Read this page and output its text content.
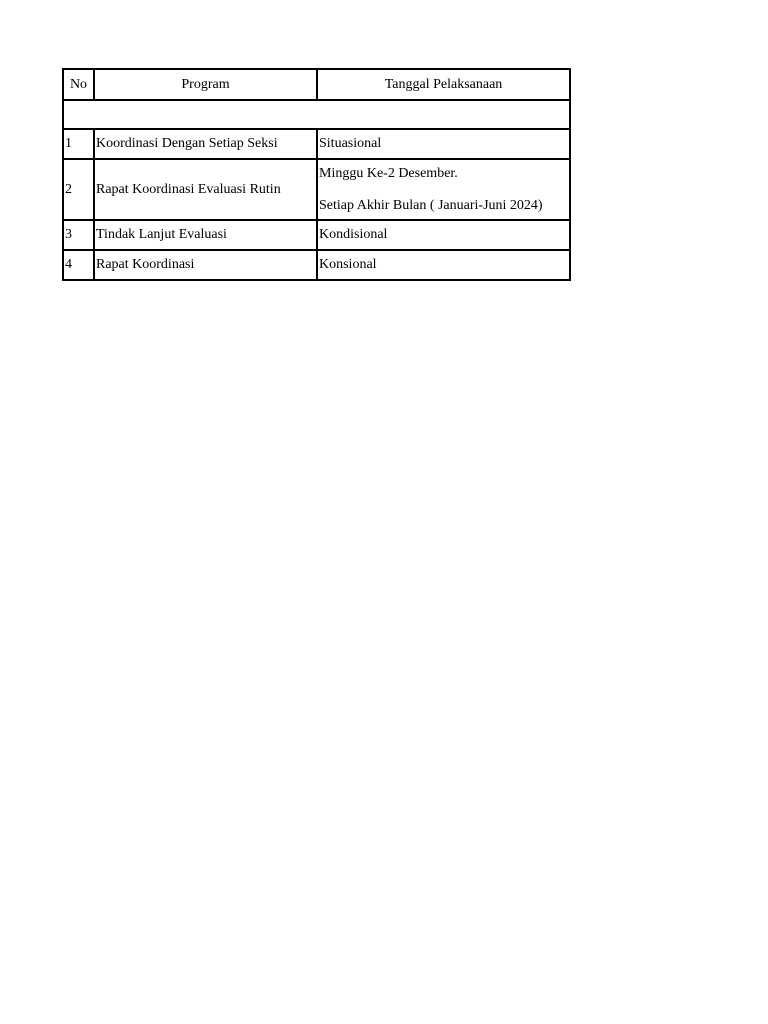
No	Program	Tanggal Pelaksanaan

1	Koordinasi Dengan Setiap Seksi	Situasional
2	Rapat Koordinasi Evaluasi Rutin	Minggu Ke-2 Desember.
Setiap Akhir Bulan ( Januari-Juni 2024)

3	Tindak Lanjut Evaluasi	Kondisional
4	Rapat Koordinasi	Konsional
